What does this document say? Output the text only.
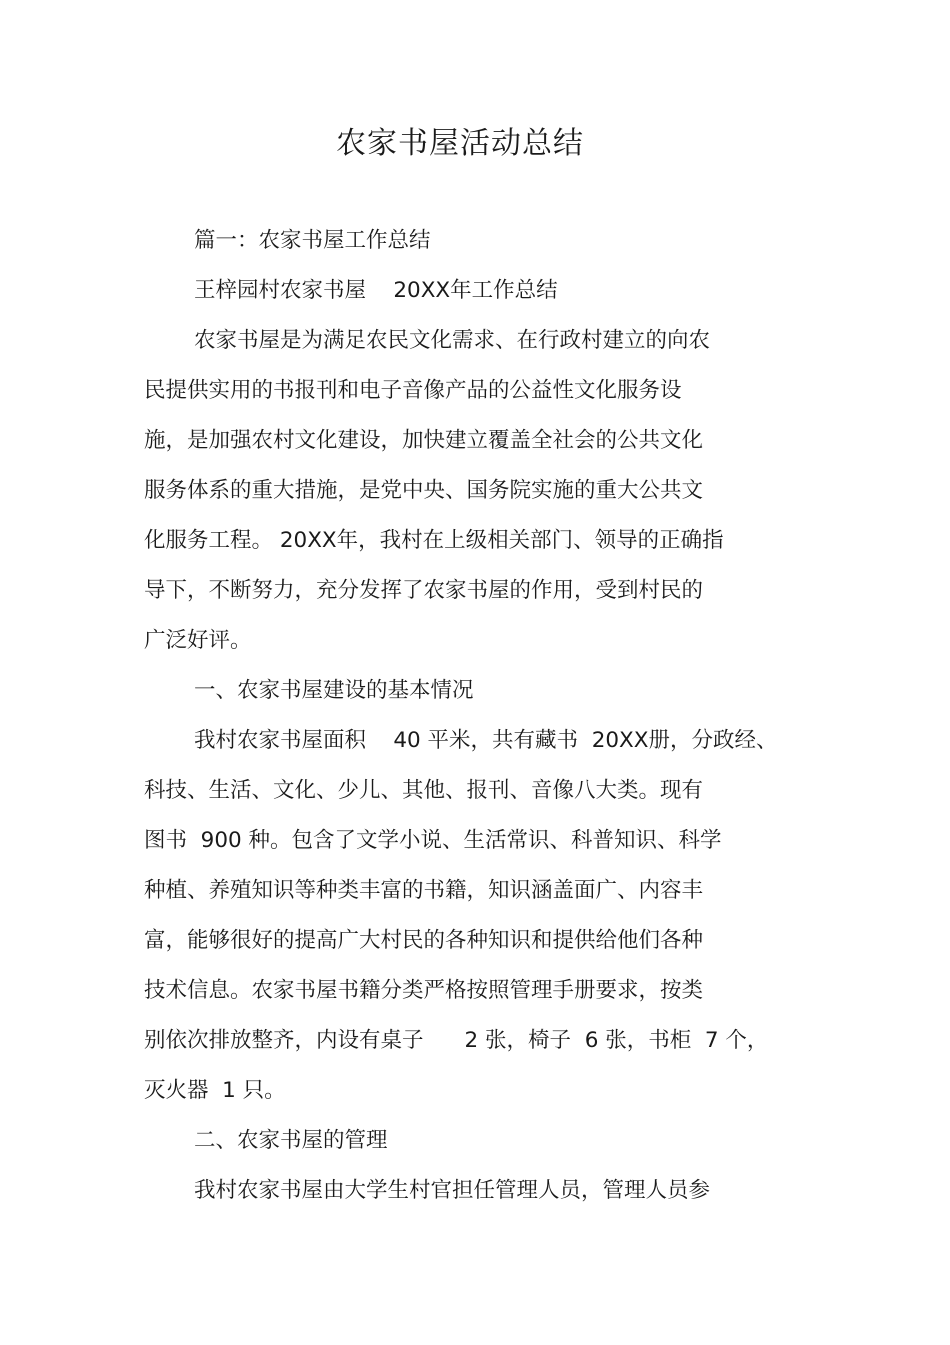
农家书屋活动总结
篇一：农家书屋工作总结
王梓园村农家书屋    20XX年工作总结
农家书屋是为满足农民文化需求、在行政村建立的向农
民提供实用的书报刊和电子音像产品的公益性文化服务设
施，是加强农村文化建设，加快建立覆盖全社会的公共文化
服务体系的重大措施，是党中央、国务院实施的重大公共文
化服务工程。 20XX年，我村在上级相关部门、领导的正确指
导下，不断努力，充分发挥了农家书屋的作用，受到村民的
广泛好评。
一、农家书屋建设的基本情况
我村农家书屋面积    40 平米，共有藏书  20XX册，分政经、
科技、生活、文化、少儿、其他、报刊、音像八大类。现有
图书  900 种。包含了文学小说、生活常识、科普知识、科学
种植、养殖知识等种类丰富的书籍，知识涵盖面广、内容丰
富，能够很好的提高广大村民的各种知识和提供给他们各种
技术信息。农家书屋书籍分类严格按照管理手册要求，按类
别依次排放整齐，内设有桌子      2 张，椅子  6 张，书柜  7 个，
灭火器  1 只。
二、农家书屋的管理
我村农家书屋由大学生村官担任管理人员，管理人员参
